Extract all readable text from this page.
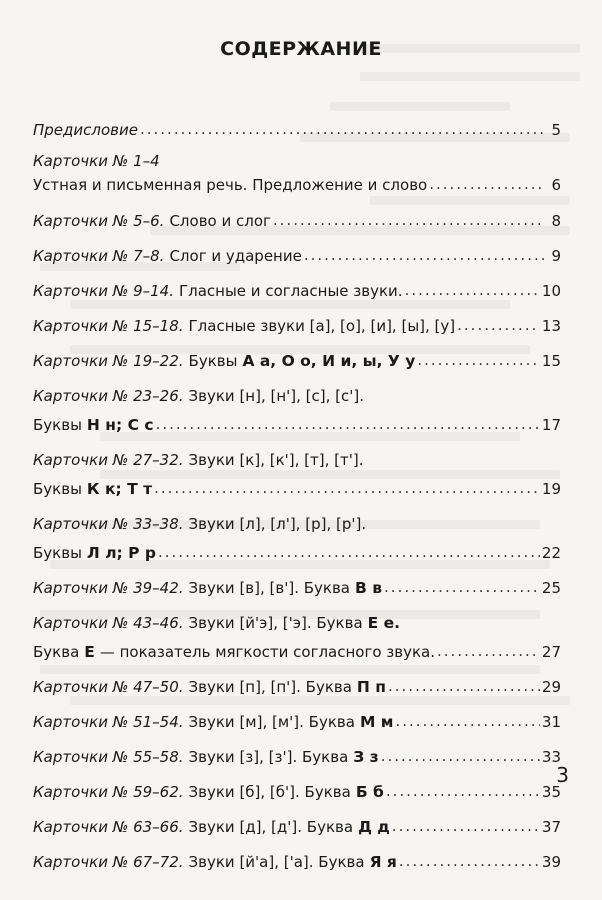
СОДЕРЖАНИЕ
Предисловие .....	5
Карточки № 1–4
Устная и письменная речь. Предложение и слово .....	6
Карточки № 5–6. Слово и слог .....	8
Карточки № 7–8. Слог и ударение .....	9
Карточки № 9–14. Гласные и согласные звуки. .....	10
Карточки № 15–18. Гласные звуки [а], [о], [и], [ы], [у] .....	13
Карточки № 19–22. Буквы А а, О о, И и, ы, У у .....	15
Карточки № 23–26. Звуки [н], [н'], [с], [с'].
Буквы Н н; С с .....	17
Карточки № 27–32. Звуки [к], [к'], [т], [т'].
Буквы К к; Т т .....	19
Карточки № 33–38. Звуки [л], [л'], [р], [р'].
Буквы Л л; Р р .....	22
Карточки № 39–42. Звуки [в], [в']. Буква В в .....	25
Карточки № 43–46. Звуки [й'э], ['э]. Буква Е е.
Буква Е — показатель мягкости согласного звука. .....	27
Карточки № 47–50. Звуки [п], [п']. Буква П п .....	29
Карточки № 51–54. Звуки [м], [м']. Буква М м .....	31
Карточки № 55–58. Звуки [з], [з']. Буква З з .....	33
Карточки № 59–62. Звуки [б], [б']. Буква Б б .....	35
Карточки № 63–66. Звуки [д], [д']. Буква Д д .....	37
Карточки № 67–72. Звуки [й'а], ['а]. Буква Я я .....	39
3
